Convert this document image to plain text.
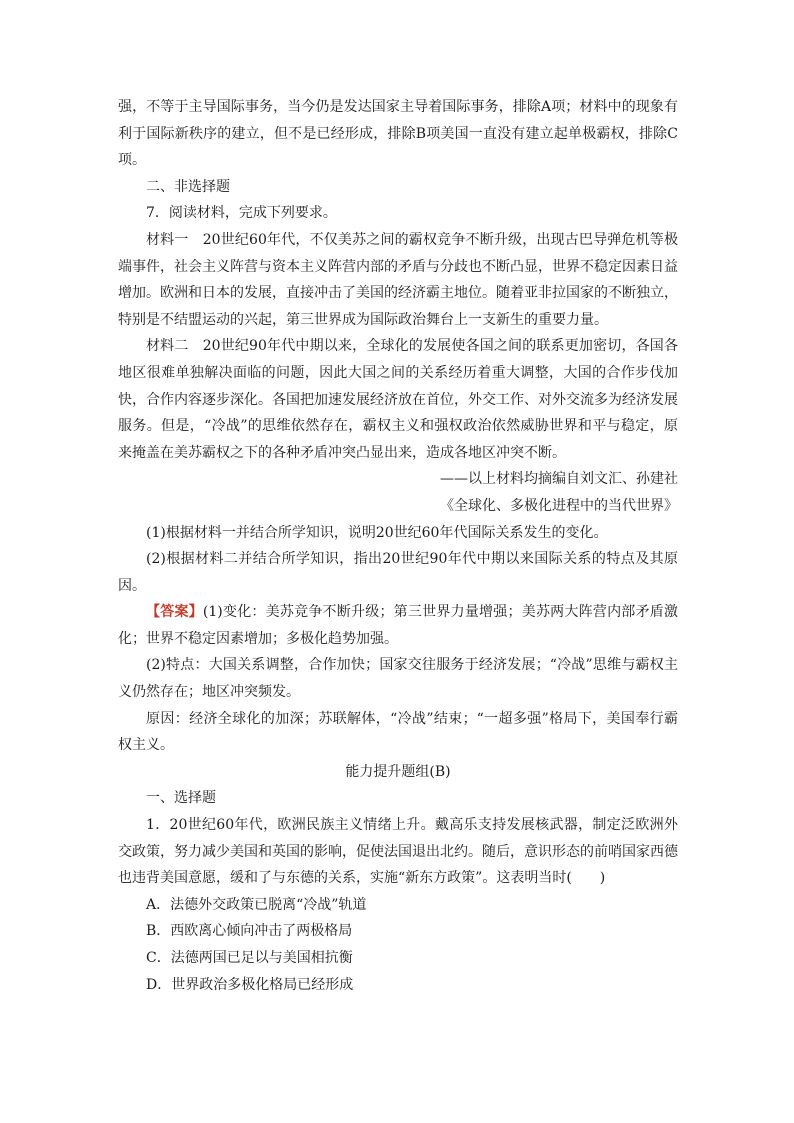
强，不等于主导国际事务，当今仍是发达国家主导着国际事务，排除A项；材料中的现象有利于国际新秩序的建立，但不是已经形成，排除B项美国一直没有建立起单极霸权，排除C项。

二、非选择题

7．阅读材料，完成下列要求。

材料一　20世纪60年代，不仅美苏之间的霸权竞争不断升级，出现古巴导弹危机等极端事件，社会主义阵营与资本主义阵营内部的矛盾与分歧也不断凸显，世界不稳定因素日益增加。欧洲和日本的发展，直接冲击了美国的经济霸主地位。随着亚非拉国家的不断独立，特别是不结盟运动的兴起，第三世界成为国际政治舞台上一支新生的重要力量。

材料二　20世纪90年代中期以来，全球化的发展使各国之间的联系更加密切，各国各地区很难单独解决面临的问题，因此大国之间的关系经历着重大调整，大国的合作步伐加快，合作内容逐步深化。各国把加速发展经济放在首位，外交工作、对外交流多为经济发展服务。但是，“冷战”的思维依然存在，霸权主义和强权政治依然威胁世界和平与稳定，原来掩盖在美苏霸权之下的各种矛盾冲突凸显出来，造成各地区冲突不断。

——以上材料均摘编自刘文汇、孙建社

《全球化、多极化进程中的当代世界》

(1)根据材料一并结合所学知识，说明20世纪60年代国际关系发生的变化。

(2)根据材料二并结合所学知识，指出20世纪90年代中期以来国际关系的特点及其原因。

【答案】(1)变化：美苏竞争不断升级；第三世界力量增强；美苏两大阵营内部矛盾激化；世界不稳定因素增加；多极化趋势加强。

(2)特点：大国关系调整，合作加快；国家交往服务于经济发展；“冷战”思维与霸权主义仍然存在；地区冲突频发。

原因：经济全球化的加深；苏联解体，“冷战”结束；“一超多强”格局下，美国奉行霸权主义。

能力提升题组(B)

一、选择题

1．20世纪60年代，欧洲民族主义情绪上升。戴高乐支持发展核武器，制定泛欧洲外交政策，努力减少美国和英国的影响，促使法国退出北约。随后，意识形态的前哨国家西德也违背美国意愿，缓和了与东德的关系，实施“新东方政策”。这表明当时(　　)

A．法德外交政策已脱离“冷战”轨道

B．西欧离心倾向冲击了两极格局

C．法德两国已足以与美国相抗衡

D．世界政治多极化格局已经形成
